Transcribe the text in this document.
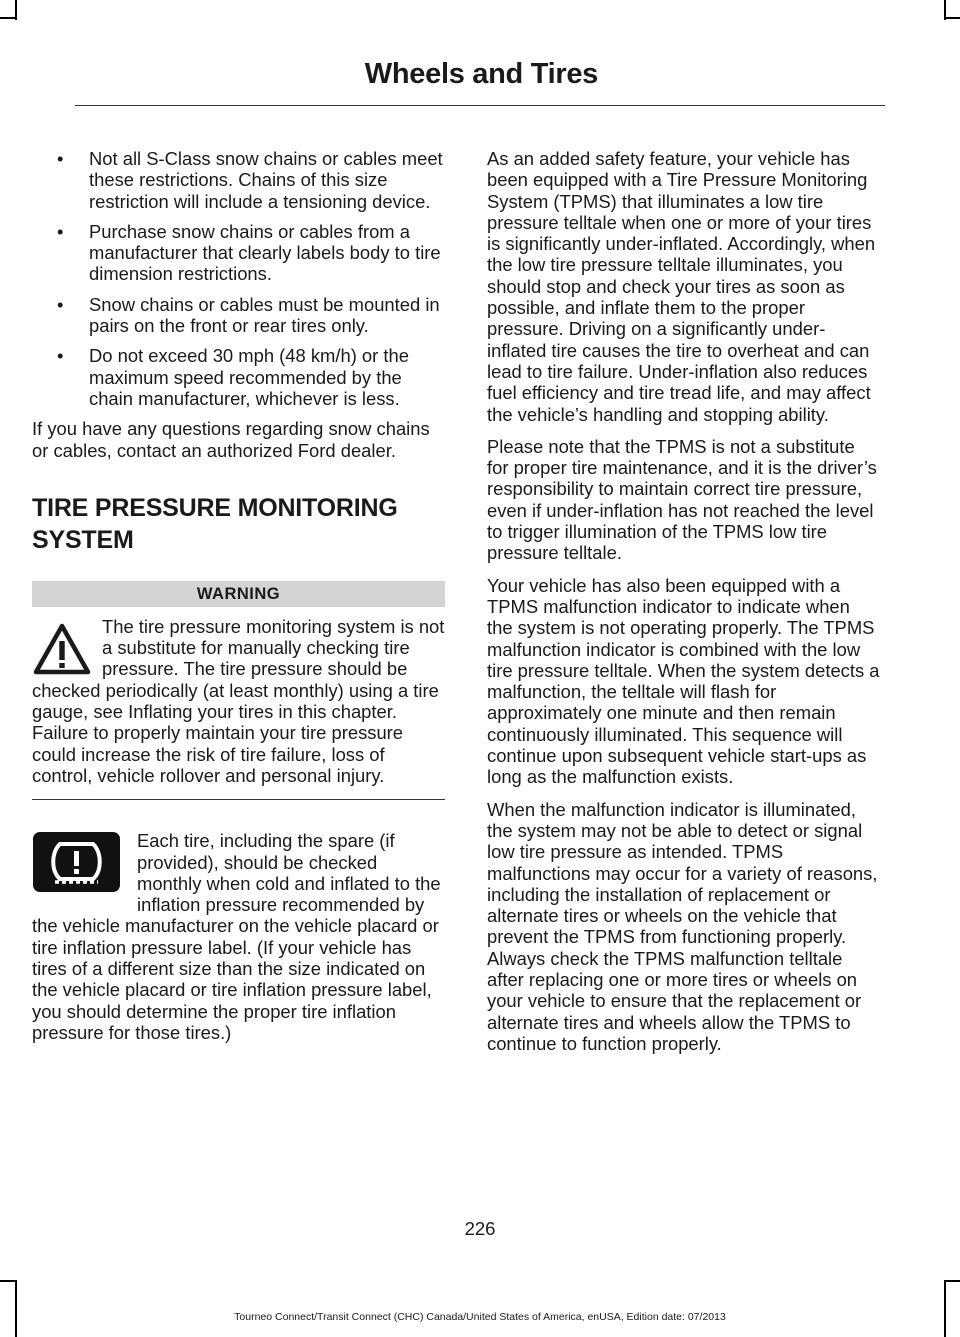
Wheels and Tires
• Not all S-Class snow chains or cables meet these restrictions. Chains of this size restriction will include a tensioning device.
• Purchase snow chains or cables from a manufacturer that clearly labels body to tire dimension restrictions.
• Snow chains or cables must be mounted in pairs on the front or rear tires only.
• Do not exceed 30 mph (48 km/h) or the maximum speed recommended by the chain manufacturer, whichever is less.

If you have any questions regarding snow chains or cables, contact an authorized Ford dealer.

TIRE PRESSURE MONITORING
SYSTEM
WARNING

The tire pressure monitoring system is not a substitute for manually checking tire pressure. The tire pressure should be checked periodically (at least monthly) using a tire gauge, see Inflating your tires in this chapter. Failure to properly maintain your tire pressure could increase the risk of tire failure, loss of control, vehicle rollover and personal injury.

Each tire, including the spare (if provided), should be checked monthly when cold and inflated to the inflation pressure recommended by the vehicle manufacturer on the vehicle placard or tire inflation pressure label. (If your vehicle has tires of a different size than the size indicated on the vehicle placard or tire inflation pressure label, you should determine the proper tire inflation pressure for those tires.)

As an added safety feature, your vehicle has been equipped with a Tire Pressure Monitoring System (TPMS) that illuminates a low tire pressure telltale when one or more of your tires is significantly under-inflated. Accordingly, when the low tire pressure telltale illuminates, you should stop and check your tires as soon as possible, and inflate them to the proper pressure. Driving on a significantly under-inflated tire causes the tire to overheat and can lead to tire failure. Under-inflation also reduces fuel efficiency and tire tread life, and may affect the vehicle’s handling and stopping ability.

Please note that the TPMS is not a substitute for proper tire maintenance, and it is the driver’s responsibility to maintain correct tire pressure, even if under-inflation has not reached the level to trigger illumination of the TPMS low tire pressure telltale.

Your vehicle has also been equipped with a TPMS malfunction indicator to indicate when the system is not operating properly. The TPMS malfunction indicator is combined with the low tire pressure telltale. When the system detects a malfunction, the telltale will flash for approximately one minute and then remain continuously illuminated. This sequence will continue upon subsequent vehicle start-ups as long as the malfunction exists.

When the malfunction indicator is illuminated, the system may not be able to detect or signal low tire pressure as intended. TPMS malfunctions may occur for a variety of reasons, including the installation of replacement or alternate tires or wheels on the vehicle that prevent the TPMS from functioning properly. Always check the TPMS malfunction telltale after replacing one or more tires or wheels on your vehicle to ensure that the replacement or alternate tires and wheels allow the TPMS to continue to function properly.

226
Tourneo Connect/Transit Connect (CHC) Canada/United States of America, enUSA, Edition date: 07/2013
